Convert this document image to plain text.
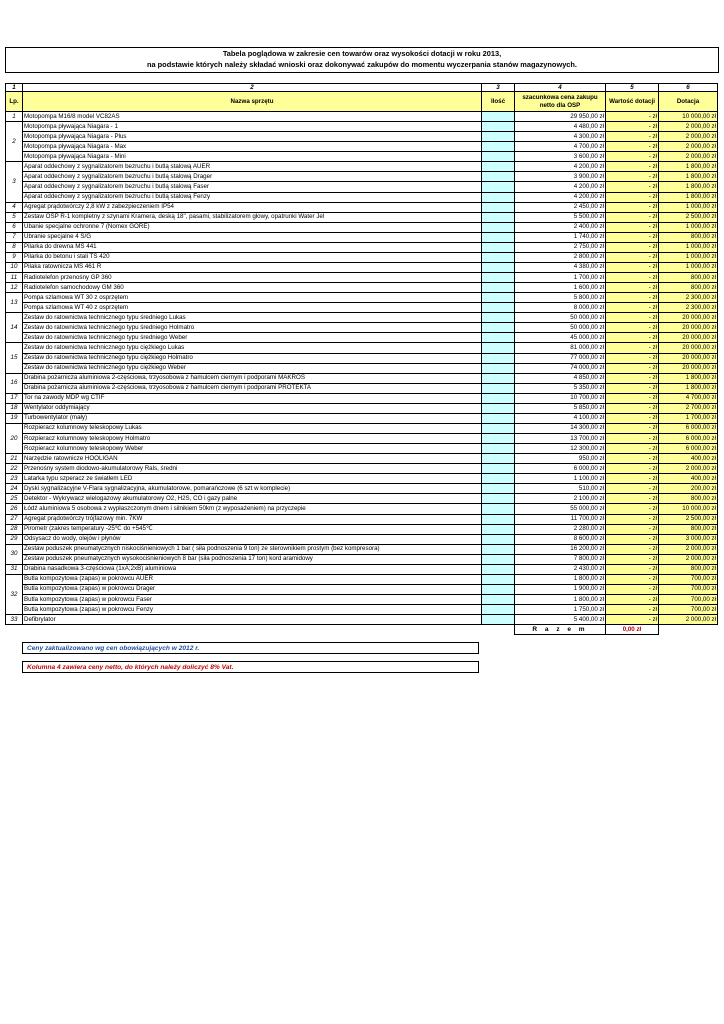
Tabela poglądowa w zakresie cen towarów oraz wysokości dotacji w roku 2013,
na podstawie których należy składać wnioski oraz dokonywać zakupów do momentu wyczerpania stanów magazynowych.
1	2	3	4	5	6
Lp.	Nazwa sprzętu	Ilość	szacunkowa cena zakupu netto dla OSP	Wartość dotacji	Dotacja
1	Motopompa M16/8 model VC82AS		29 950,00 zł	- zł	10 000,00 zł
2	Motopompa pływająca Niagara - 1		4 480,00 zł	- zł	2 000,00 zł
	Motopompa pływająca Niagara - Plus		4 300,00 zł	- zł	2 000,00 zł
	Motopompa pływająca Niagara - Max		4 700,00 zł	- zł	2 000,00 zł
	Motopompa pływająca Niagara - Mini		3 600,00 zł	- zł	2 000,00 zł
3	Aparat oddechowy z sygnalizatorem bezruchu i butlą stalową AUER		4 200,00 zł	- zł	1 800,00 zł
	Aparat oddechowy z sygnalizatorem bezruchu i butlą stalową Drager		3 900,00 zł	- zł	1 800,00 zł
	Aparat oddechowy z sygnalizatorem bezruchu i butlą stalową Faser		4 200,00 zł	- zł	1 800,00 zł
	Aparat oddechowy z sygnalizatorem bezruchu i butlą stalową Fenzy		4 200,00 zł	- zł	1 800,00 zł
4	Agregat prądotwórczy 2,8 kW z zabezpieczeniem IP54		2 450,00 zł	- zł	1 000,00 zł
5	Zestaw OSP R-1 kompletny z szynami Kramera, deską 18", pasami, stabilizatorem głowy, opatrunki Water Jel		5 500,00 zł	- zł	2 500,00 zł
6	Ubanie specjalne ochronne 7 (Nomex GORE)		2 400,00 zł	- zł	1 000,00 zł
7	Ubranie specjalne 4 S/G		1 740,00 zł	- zł	800,00 zł
8	Pilarka do drewna MS 441		2 750,00 zł	- zł	1 000,00 zł
9	Pilarka do betonu i stali TS 420		2 800,00 zł	- zł	1 000,00 zł
10	Pilaka ratownicza MS 461 R		4 380,00 zł	- zł	1 000,00 zł
11	Radiotelefon przenośny GP 360		1 700,00 zł	- zł	800,00 zł
12	Radiotelefon samochodowy GM 360		1 600,00 zł	- zł	800,00 zł
13	Pompa szlamowa WT 30 z osprzętem		5 800,00 zł	- zł	2 300,00 zł
	Pompa szlamowa WT 40 z osprzętem		8 000,00 zł	- zł	2 300,00 zł
14	Zestaw do ratownictwa technicznego typu średniego Lukas		50 000,00 zł	- zł	20 000,00 zł
	Zestaw do ratownictwa technicznego typu średniego Holmatro		50 000,00 zł	- zł	20 000,00 zł
	Zestaw do ratownictwa technicznego typu średniego Weber		45 000,00 zł	- zł	20 000,00 zł
15	Zestaw do ratownictwa technicznego typu ciężkiego Lukas		81 000,00 zł	- zł	20 000,00 zł
	Zestaw do ratownictwa technicznego typu ciężkiego Holmatro		77 000,00 zł	- zł	20 000,00 zł
	Zestaw do ratownictwa technicznego typu ciężkiego Weber		74 000,00 zł	- zł	20 000,00 zł
16	Drabina pożarnicza aluminiowa 2-częściowa, trzyosobowa z hamulcem ciernym i podporami MAKROS		4 850,00 zł	- zł	1 800,00 zł
	Drabina pożarnicza aluminiowa 2-częściowa, trzyosobowa z hamulcem ciernym i podporami PROTEKTA		5 350,00 zł	- zł	1 800,00 zł
17	Tor na zawody MDP wg CTIF		10 700,00 zł	- zł	4 700,00 zł
18	Wentylator oddymiający		5 850,00 zł	- zł	2 700,00 zł
19	Turbowentylator (mały)		4 100,00 zł	- zł	1 700,00 zł
20	Rozpieracz kolumnowy teleskopowy Lukas		14 300,00 zł	- zł	6 000,00 zł
	Rozpieracz kolumnowy teleskopowy Holmatro		13 700,00 zł	- zł	6 000,00 zł
	Rozpieracz kolumnowy teleskopowy Weber		12 300,00 zł	- zł	6 000,00 zł
21	Narzędzie ratownicze HOOLIGAN		950,00 zł	- zł	400,00 zł
22	Przenośny system diodowo-akumulatorowy Rals, średni		6 000,00 zł	- zł	2 000,00 zł
23	Latarka typu szperacz ze światłem LED		1 100,00 zł	- zł	400,00 zł
24	Dyski sygnalizacyjne V-Flara sygnalizacyjna, akumulatorowe, pomarańczowe (6 szt w komplecie)		510,00 zł	- zł	200,00 zł
25	Detektor - Wykrywacz wielogazowy akumulatorowy O2, H2S, CO i gazy palne		2 100,00 zł	- zł	800,00 zł
26	Łódź aluminiowa 5 osobowa z wypłaszczonym dnem i silnikiem 50km (z wyposażeniem) na przyczepie		55 000,00 zł	- zł	10 000,00 zł
27	Agregat prądotwórczy trójfazowy min. 7KW		11 700,00 zł	- zł	2 500,00 zł
28	Pirometr (zakres temperatury -25℃ do +545℃		2 280,00 zł	- zł	800,00 zł
29	Odsysacz do wody, olejów i płynów		8 600,00 zł	- zł	3 000,00 zł
30	Zestaw poduszek pneumatycznych niskociśnieniowych 1 bar ( siła podnoszenia 9 ton) ze sterownikiem prostym (bez kompresora)		16 200,00 zł	- zł	2 000,00 zł
	Zestaw poduszek pneumatycznych wysokociśnieniowych 8 bar (siła podnoszenia 17 ton) kord aramidowy		7 800,00 zł	- zł	2 000,00 zł
31	Drabina nasadkowa 3-częściowa (1xA;2xB) aluminiowa		2 430,00 zł	- zł	800,00 zł
32	Butla kompozytowa (zapas) w pokrowcu AUER		1 800,00 zł	- zł	700,00 zł
	Butla kompozytowa (zapas) w pokrowcu Drager		1 900,00 zł	- zł	700,00 zł
	Butla kompozytowa (zapas) w pokrowcu Faser		1 800,00 zł	- zł	700,00 zł
	Butla kompozytowa (zapas) w pokrowcu Fenzy		1 750,00 zł	- zł	700,00 zł
33	Defibrylator		5 400,00 zł	- zł	2 000,00 zł
			R a z e m	0,00 zł	
Ceny zaktualizowano wg cen obowiązujących w 2012 r.
Kolumna 4 zawiera ceny netto, do których należy doliczyć 8% Vat.
